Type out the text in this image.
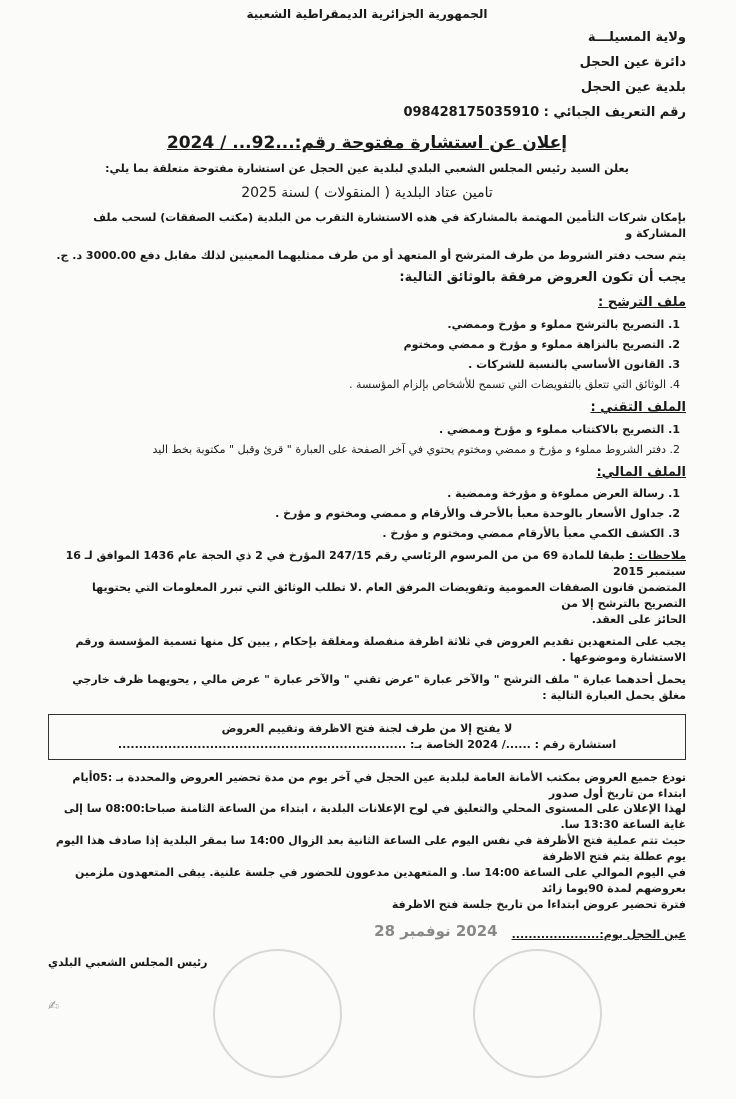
الجمهورية الجزائرية الديمقراطية الشعبية
ولاية المسيلـــة
دائرة عين الحجل
بلدية عين الحجل
رقم التعريف الجبائي : 098428175035910
إعلان عن استشارة مفتوحة رقم:...92... / 2024
يعلن السيد رئيس المجلس الشعبي البلدي لبلدية عين الحجل عن استشارة مفتوحة متعلقة بما يلي:
تامين عتاد البلدية ( المنقولات ) لسنة 2025
بإمكان شركات التأمين المهتمة بالمشاركة في هذه الاستشارة التقرب من البلدية (مكتب الصفقات) لسحب ملف المشاركة و
يتم سحب دفتر الشروط من طرف المترشح أو المتعهد أو من طرف ممثليهما المعينين لذلك مقابل دفع 3000.00 د. ج.
يجب أن تكون العروض مرفقة بالوثائق التالية:
ملف الترشح :
1. التصريح بالترشح مملوء و مؤرخ وممضي.
2. التصريح بالنزاهة مملوء و مؤرخ و ممضي ومختوم
3. القانون الأساسي بالنسبة للشركات .
4. الوثائق التي تتعلق بالتفويضات التي تسمح للأشخاص بإلزام المؤسسة .
الملف التقني :
1. التصريح بالاكتتاب مملوء و مؤرخ وممضي .
2. دفتر الشروط مملوء و مؤرخ و ممضي ومختوم يحتوي في آخر الصفحة على العبارة " قرئ وقبل " مكتوبة بخط اليد
الملف المالي:
1. رسالة العرض مملوءة و مؤرخة وممضية .
2. جداول الأسعار بالوحدة معبأ بالأحرف والأرقام و ممضي ومختوم و مؤرخ .
3. الكشف الكمي معبأ بالأرقام ممضي ومختوم و مؤرخ .
ملاحظات : طبقا للمادة 69 من من المرسوم الرئاسي رقم 247/15 المؤرخ في 2 ذي الحجة عام 1436 الموافق لـ 16 سبتمبر 2015
المتضمن قانون الصفقات العمومية وتفويضات المرفق العام .لا تطلب الوثائق التي تبرر المعلومات التي يحتويها التصريح بالترشح إلا من
الحائز على العقد.
يجب على المتعهدين تقديم العروض في ثلاثة اظرفة منفصلة ومغلقة بإحكام , يبين كل منها تسمية المؤسسة ورقم الاستشارة وموضوعها .
يحمل أحدهما عبارة " ملف الترشح " والآخر عبارة "عرض تقني " والآخر عبارة " عرض مالي , يحويهما ظرف خارجي مغلق يحمل العبارة التالية :
لا يفتح إلا من طرف لجنة فتح الاظرفة وتقييم العروض
استشارة رقم : ....../ 2024 الخاصة بـ: .....................................................................
تودع جميع العروض بمكتب الأمانة العامة لبلدية عين الحجل في آخر يوم من مدة تحضير العروض والمحددة بـ :05أيام ابتداء من تاريخ أول صدور
لهذا الإعلان على المستوى المحلي والتعليق في لوح الإعلانات البلدية ، ابتداء من الساعة الثامنة صباحا:08:00 سا إلى غاية الساعة 13:30 سا.
حيث تتم عملية فتح الأظرفة في نفس اليوم على الساعة الثانية بعد الزوال 14:00 سا بمقر البلدية إذا صادف هذا اليوم يوم عطلة يتم فتح الاظرفة
في اليوم الموالي على الساعة 14:00 سا. و المتعهدين مدعوون للحضور في جلسة علنية. يبقى المتعهدون ملزمين بعروضهم لمدة 90يوما زائد
فترة تحضير عروض ابتداءا من تاريخ جلسة فتح الاظرفة
2024 نوفمبر 28 عين الحجل يوم:.....................
رئيس المجلس الشعبي البلدي
✍
